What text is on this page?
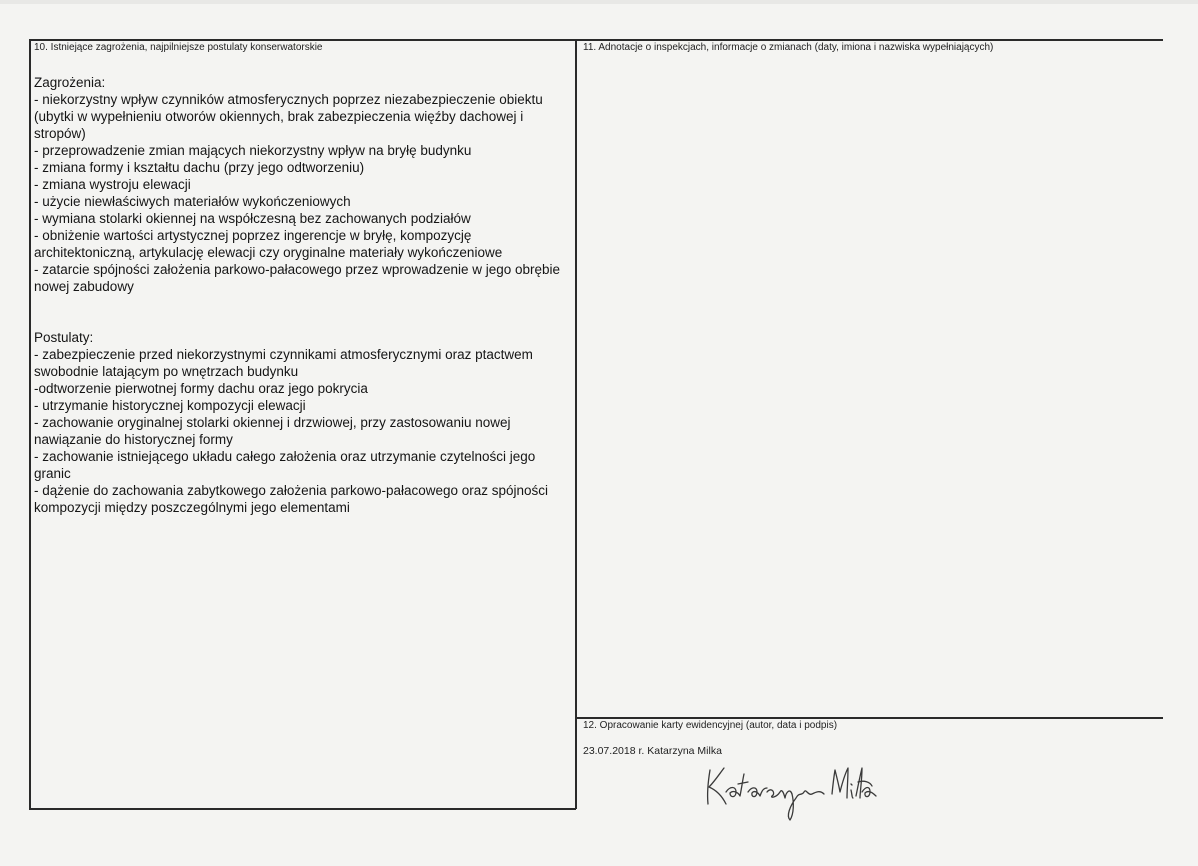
10. Istniejące zagrożenia, najpilniejsze postulaty konserwatorskie

Zagrożenia:

- niekorzystny wpływ czynników atmosferycznych poprzez niezabezpieczenie obiektu (ubytki w wypełnieniu otworów okiennych, brak zabezpieczenia więźby dachowej i stropów)

- przeprowadzenie zmian mających niekorzystny wpływ na bryłę budynku

- zmiana formy i kształtu dachu (przy jego odtworzeniu)

- zmiana wystroju elewacji

- użycie niewłaściwych materiałów wykończeniowych

- wymiana stolarki okiennej na współczesną bez zachowanych podziałów

- obniżenie wartości artystycznej poprzez ingerencje w bryłę, kompozycję architektoniczną, artykulację elewacji czy oryginalne materiały wykończeniowe

- zatarcie spójności założenia parkowo-pałacowego przez wprowadzenie w jego obrębie nowej zabudowy

Postulaty:

- zabezpieczenie przed niekorzystnymi czynnikami atmosferycznymi oraz ptactwem swobodnie latającym po wnętrzach budynku

-odtworzenie pierwotnej formy dachu oraz jego pokrycia

- utrzymanie historycznej kompozycji elewacji

- zachowanie oryginalnej stolarki okiennej i drzwiowej, przy zastosowaniu nowej nawiązanie do historycznej formy

- zachowanie istniejącego układu całego założenia oraz utrzymanie czytelności jego granic

- dążenie do zachowania zabytkowego założenia parkowo-pałacowego oraz spójności kompozycji między poszczególnymi jego elementami

11. Adnotacje o inspekcjach, informacje o zmianach (daty, imiona i nazwiska wypełniających)
12. Opracowanie karty ewidencyjnej (autor, data i podpis)
23.07.2018 r. Katarzyna Milka
